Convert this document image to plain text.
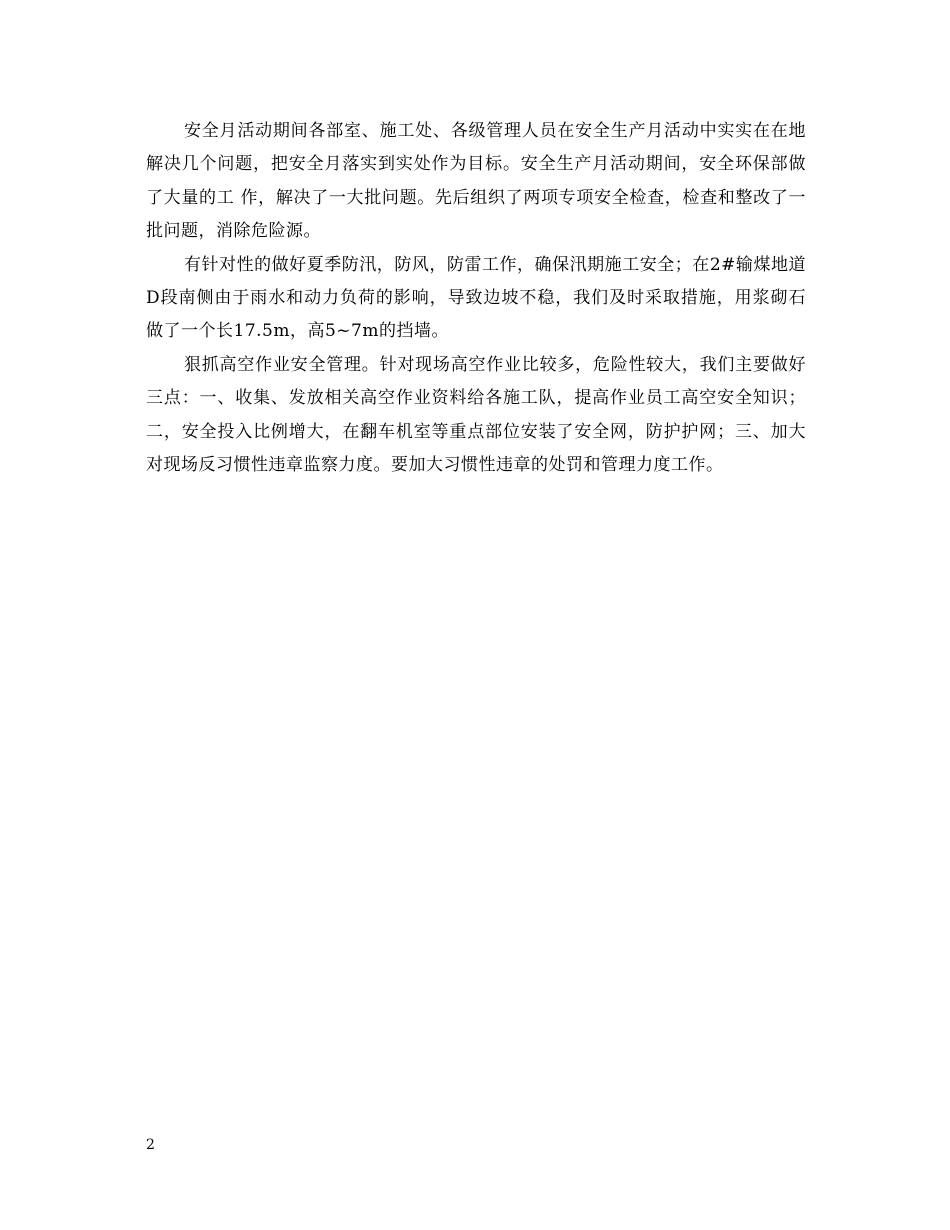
安全月活动期间各部室、施工处、各级管理人员在安全生产月活动中实实在在地解决几个问题，把安全月落实到实处作为目标。安全生产月活动期间，安全环保部做了大量的工 作，解决了一大批问题。先后组织了两项专项安全检查，检查和整改了一批问题，消除危险源。

有针对性的做好夏季防汛，防风，防雷工作，确保汛期施工安全；在2#输煤地道D段南侧由于雨水和动力负荷的影响，导致边坡不稳，我们及时采取措施，用浆砌石做了一个长17.5m，高5~7m的挡墙。

狠抓高空作业安全管理。针对现场高空作业比较多，危险性较大，我们主要做好三点：一、收集、发放相关高空作业资料给各施工队，提高作业员工高空安全知识；二，安全投入比例增大，在翻车机室等重点部位安装了安全网，防护护网；三、加大对现场反习惯性违章监察力度。要加大习惯性违章的处罚和管理力度工作。

2
